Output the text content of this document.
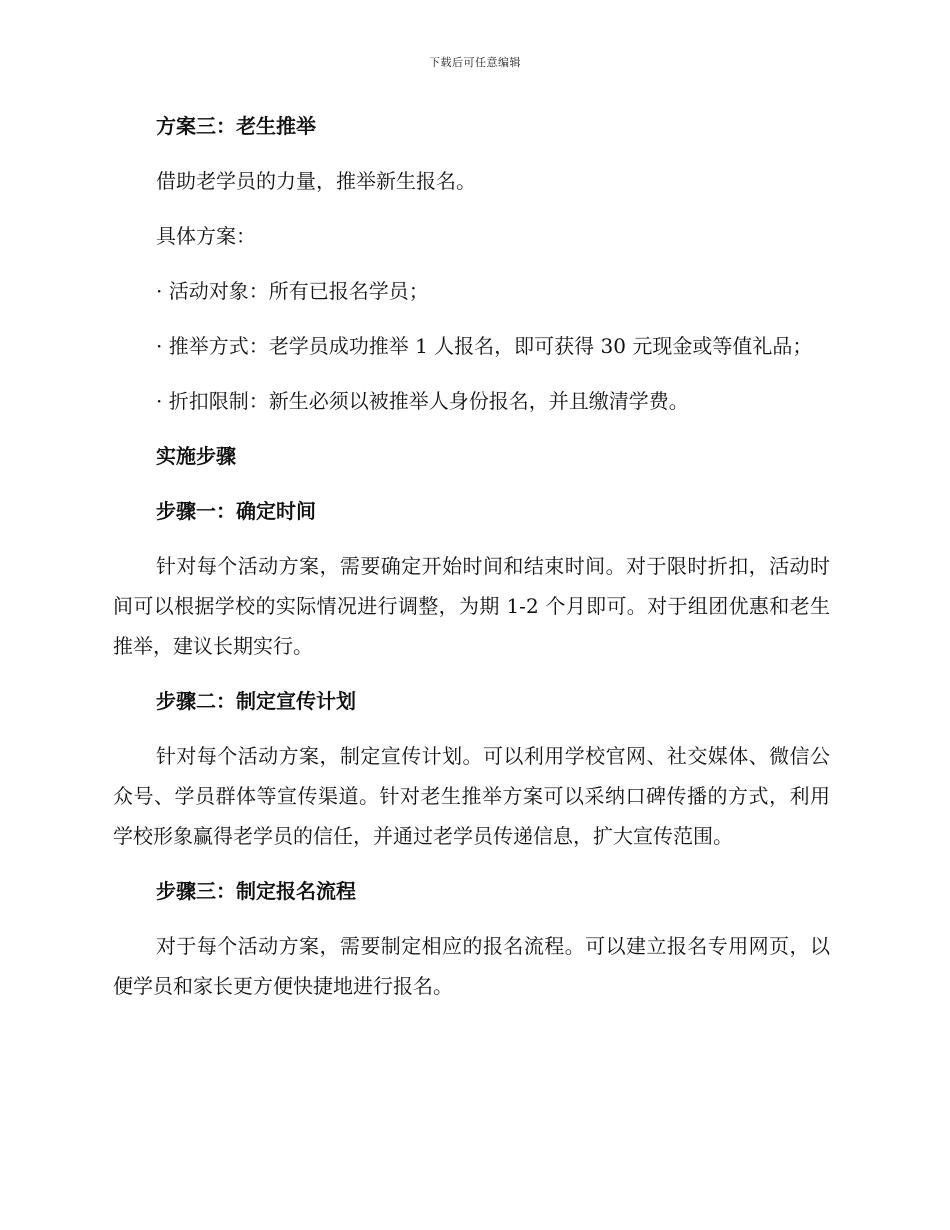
下载后可任意编辑

方案三：老生推举

借助老学员的力量，推举新生报名。

具体方案：

· 活动对象：所有已报名学员；

· 推举方式：老学员成功推举 1 人报名，即可获得 30 元现金或等值礼品；

· 折扣限制：新生必须以被推举人身份报名，并且缴清学费。

实施步骤

步骤一：确定时间

针对每个活动方案，需要确定开始时间和结束时间。对于限时折扣，活动时间可以根据学校的实际情况进行调整，为期 1-2 个月即可。对于组团优惠和老生推举，建议长期实行。

步骤二：制定宣传计划

针对每个活动方案，制定宣传计划。可以利用学校官网、社交媒体、微信公众号、学员群体等宣传渠道。针对老生推举方案可以采纳口碑传播的方式，利用学校形象赢得老学员的信任，并通过老学员传递信息，扩大宣传范围。

步骤三：制定报名流程

对于每个活动方案，需要制定相应的报名流程。可以建立报名专用网页，以便学员和家长更方便快捷地进行报名。
